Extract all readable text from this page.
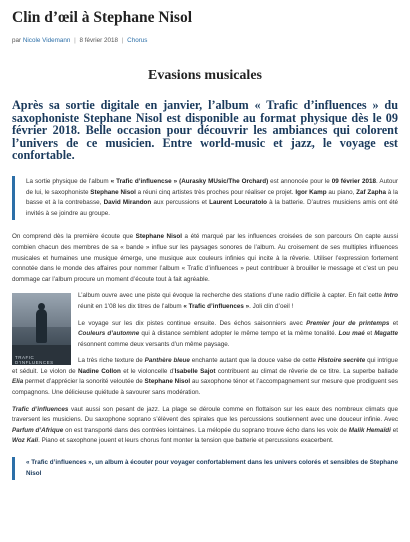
Clin d’œil à Stephane Nisol
par Nicole Videmann | 8 février 2018 | Chorus
Evasions musicales

Après sa sortie digitale en janvier, l’album « Trafic d’influences » du saxophoniste Stephane Nisol est disponible au format physique dès le 09 février 2018. Belle occasion pour découvrir les ambiances qui colorent l’univers de ce musicien. Entre world-music et jazz, le voyage est confortable.

La sortie physique de l’album « Trafic d’influencse » (Aurasky MUsic/The Orchard) est annoncée pour le 09 février 2018. Autour de lui, le saxophoniste Stephane Nisol a réuni cinq artistes très proches pour réaliser ce projet. Igor Kamp au piano, Zaf Zapha à la basse et à la contrebasse, David Mirandon aux percussions et Laurent Locuratolo à la batterie. D’autres musiciens amis ont été invités à se joindre au groupe.

On comprend dès la première écoute que Stephane Nisol a été marqué par les influences croisées de son parcours On capte aussi combien chacun des membres de sa « bande » influe sur les paysages sonores de l’album. Au croisement de ses multiples influences musicales et humaines une musique émerge, une musique aux couleurs infinies qui incite à la rêverie. Utiliser l’expression fortement connotée dans le monde des affaires pour nommer l’album « Trafic d’influences » peut contribuer à brouiller le message et c’est un peu dommage car l’album procure un moment d’écoute tout à fait agréable.

TRAFIC D'INFLUENCES

L’album ouvre avec une piste qui évoque la recherche des stations d’une radio difficile à capter. En fait cette Intro réunit en 1’08 les dix titres de l’album « Trafic d’influences ». Joli clin d’oeil !

Le voyage sur les dix pistes continue ensuite. Des échos saisonniers avec Premier jour de printemps et Couleurs d’automne qui à distance semblent adopter le même tempo et la même tonalité. Lou maé et Magatte résonnent comme deux versants d’un même paysage.

La très riche texture de Panthère bleue enchante autant que la douce valse de cette Histoire secrète qui intrigue et séduit. Le violon de Nadine Collon et le violoncelle d’Isabelle Sajot contribuent au climat de rêverie de ce titre. La superbe ballade Elia permet d’apprécier la sonorité veloutée de Stephane Nisol au saxophone ténor et l’accompagnement sur mesure que prodiguent ses compagnons. Une délicieuse quiétude à savourer sans modération.

Trafic d’influences vaut aussi son pesant de jazz. La plage se déroule comme en flottaison sur les eaux des nombreux climats que traversent les musiciens. Du saxophone soprano s’élèvent des spirales que les percussions soutiennent avec une douceur infinie. Avec Parfum d’Afrique on est transporté dans des contrées lointaines. La mélopée du soprano trouve écho dans les voix de Malik Hemaïdi et Woz Kali. Piano et saxophone jouent et leurs chorus font monter la tension que batterie et percussions exacerbent.

« Trafic d’influences », un album à écouter pour voyager confortablement dans les univers colorés et sensibles de Stephane Nisol
